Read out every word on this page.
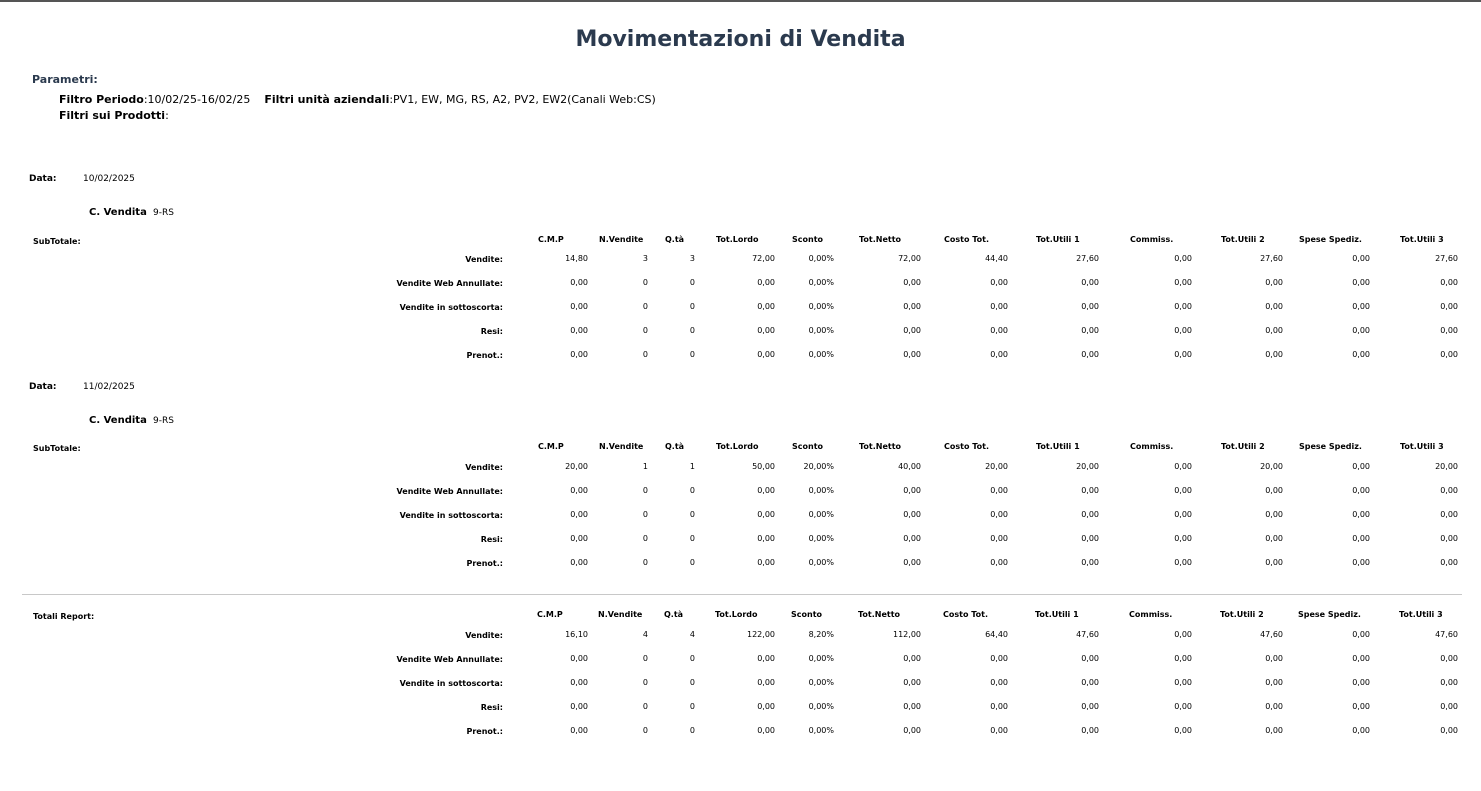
Movimentazioni di Vendita
Parametri:
Filtro Periodo:10/02/25-16/02/25 Filtri unità aziendali:PV1, EW, MG, RS, A2, PV2, EW2(Canali Web:CS)
Filtri sui Prodotti:
Data:	10/02/2025
C. Vendita 9-RS
SubTotale:	C.M.P	N.Vendite	Q.tà	Tot.Lordo	Sconto	Tot.Netto	Costo Tot.	Tot.Utili 1	Commiss.	Tot.Utili 2	Spese Spediz.	Tot.Utili 3
Vendite:	14,80	3	3	72,00	0,00%	72,00	44,40	27,60	0,00	27,60	0,00	27,60
Vendite Web Annullate:	0,00	0	0	0,00	0,00%	0,00	0,00	0,00	0,00	0,00	0,00	0,00
Vendite in sottoscorta:	0,00	0	0	0,00	0,00%	0,00	0,00	0,00	0,00	0,00	0,00	0,00
Resi:	0,00	0	0	0,00	0,00%	0,00	0,00	0,00	0,00	0,00	0,00	0,00
Prenot.:	0,00	0	0	0,00	0,00%	0,00	0,00	0,00	0,00	0,00	0,00	0,00
Data:	11/02/2025
C. Vendita 9-RS
SubTotale:	C.M.P	N.Vendite	Q.tà	Tot.Lordo	Sconto	Tot.Netto	Costo Tot.	Tot.Utili 1	Commiss.	Tot.Utili 2	Spese Spediz.	Tot.Utili 3
Vendite:	20,00	1	1	50,00	20,00%	40,00	20,00	20,00	0,00	20,00	0,00	20,00
Vendite Web Annullate:	0,00	0	0	0,00	0,00%	0,00	0,00	0,00	0,00	0,00	0,00	0,00
Vendite in sottoscorta:	0,00	0	0	0,00	0,00%	0,00	0,00	0,00	0,00	0,00	0,00	0,00
Resi:	0,00	0	0	0,00	0,00%	0,00	0,00	0,00	0,00	0,00	0,00	0,00
Prenot.:	0,00	0	0	0,00	0,00%	0,00	0,00	0,00	0,00	0,00	0,00	0,00
Totali Report:	C.M.P	N.Vendite	Q.tà	Tot.Lordo	Sconto	Tot.Netto	Costo Tot.	Tot.Utili 1	Commiss.	Tot.Utili 2	Spese Spediz.	Tot.Utili 3
Vendite:	16,10	4	4	122,00	8,20%	112,00	64,40	47,60	0,00	47,60	0,00	47,60
Vendite Web Annullate:	0,00	0	0	0,00	0,00%	0,00	0,00	0,00	0,00	0,00	0,00	0,00
Vendite in sottoscorta:	0,00	0	0	0,00	0,00%	0,00	0,00	0,00	0,00	0,00	0,00	0,00
Resi:	0,00	0	0	0,00	0,00%	0,00	0,00	0,00	0,00	0,00	0,00	0,00
Prenot.:	0,00	0	0	0,00	0,00%	0,00	0,00	0,00	0,00	0,00	0,00	0,00
